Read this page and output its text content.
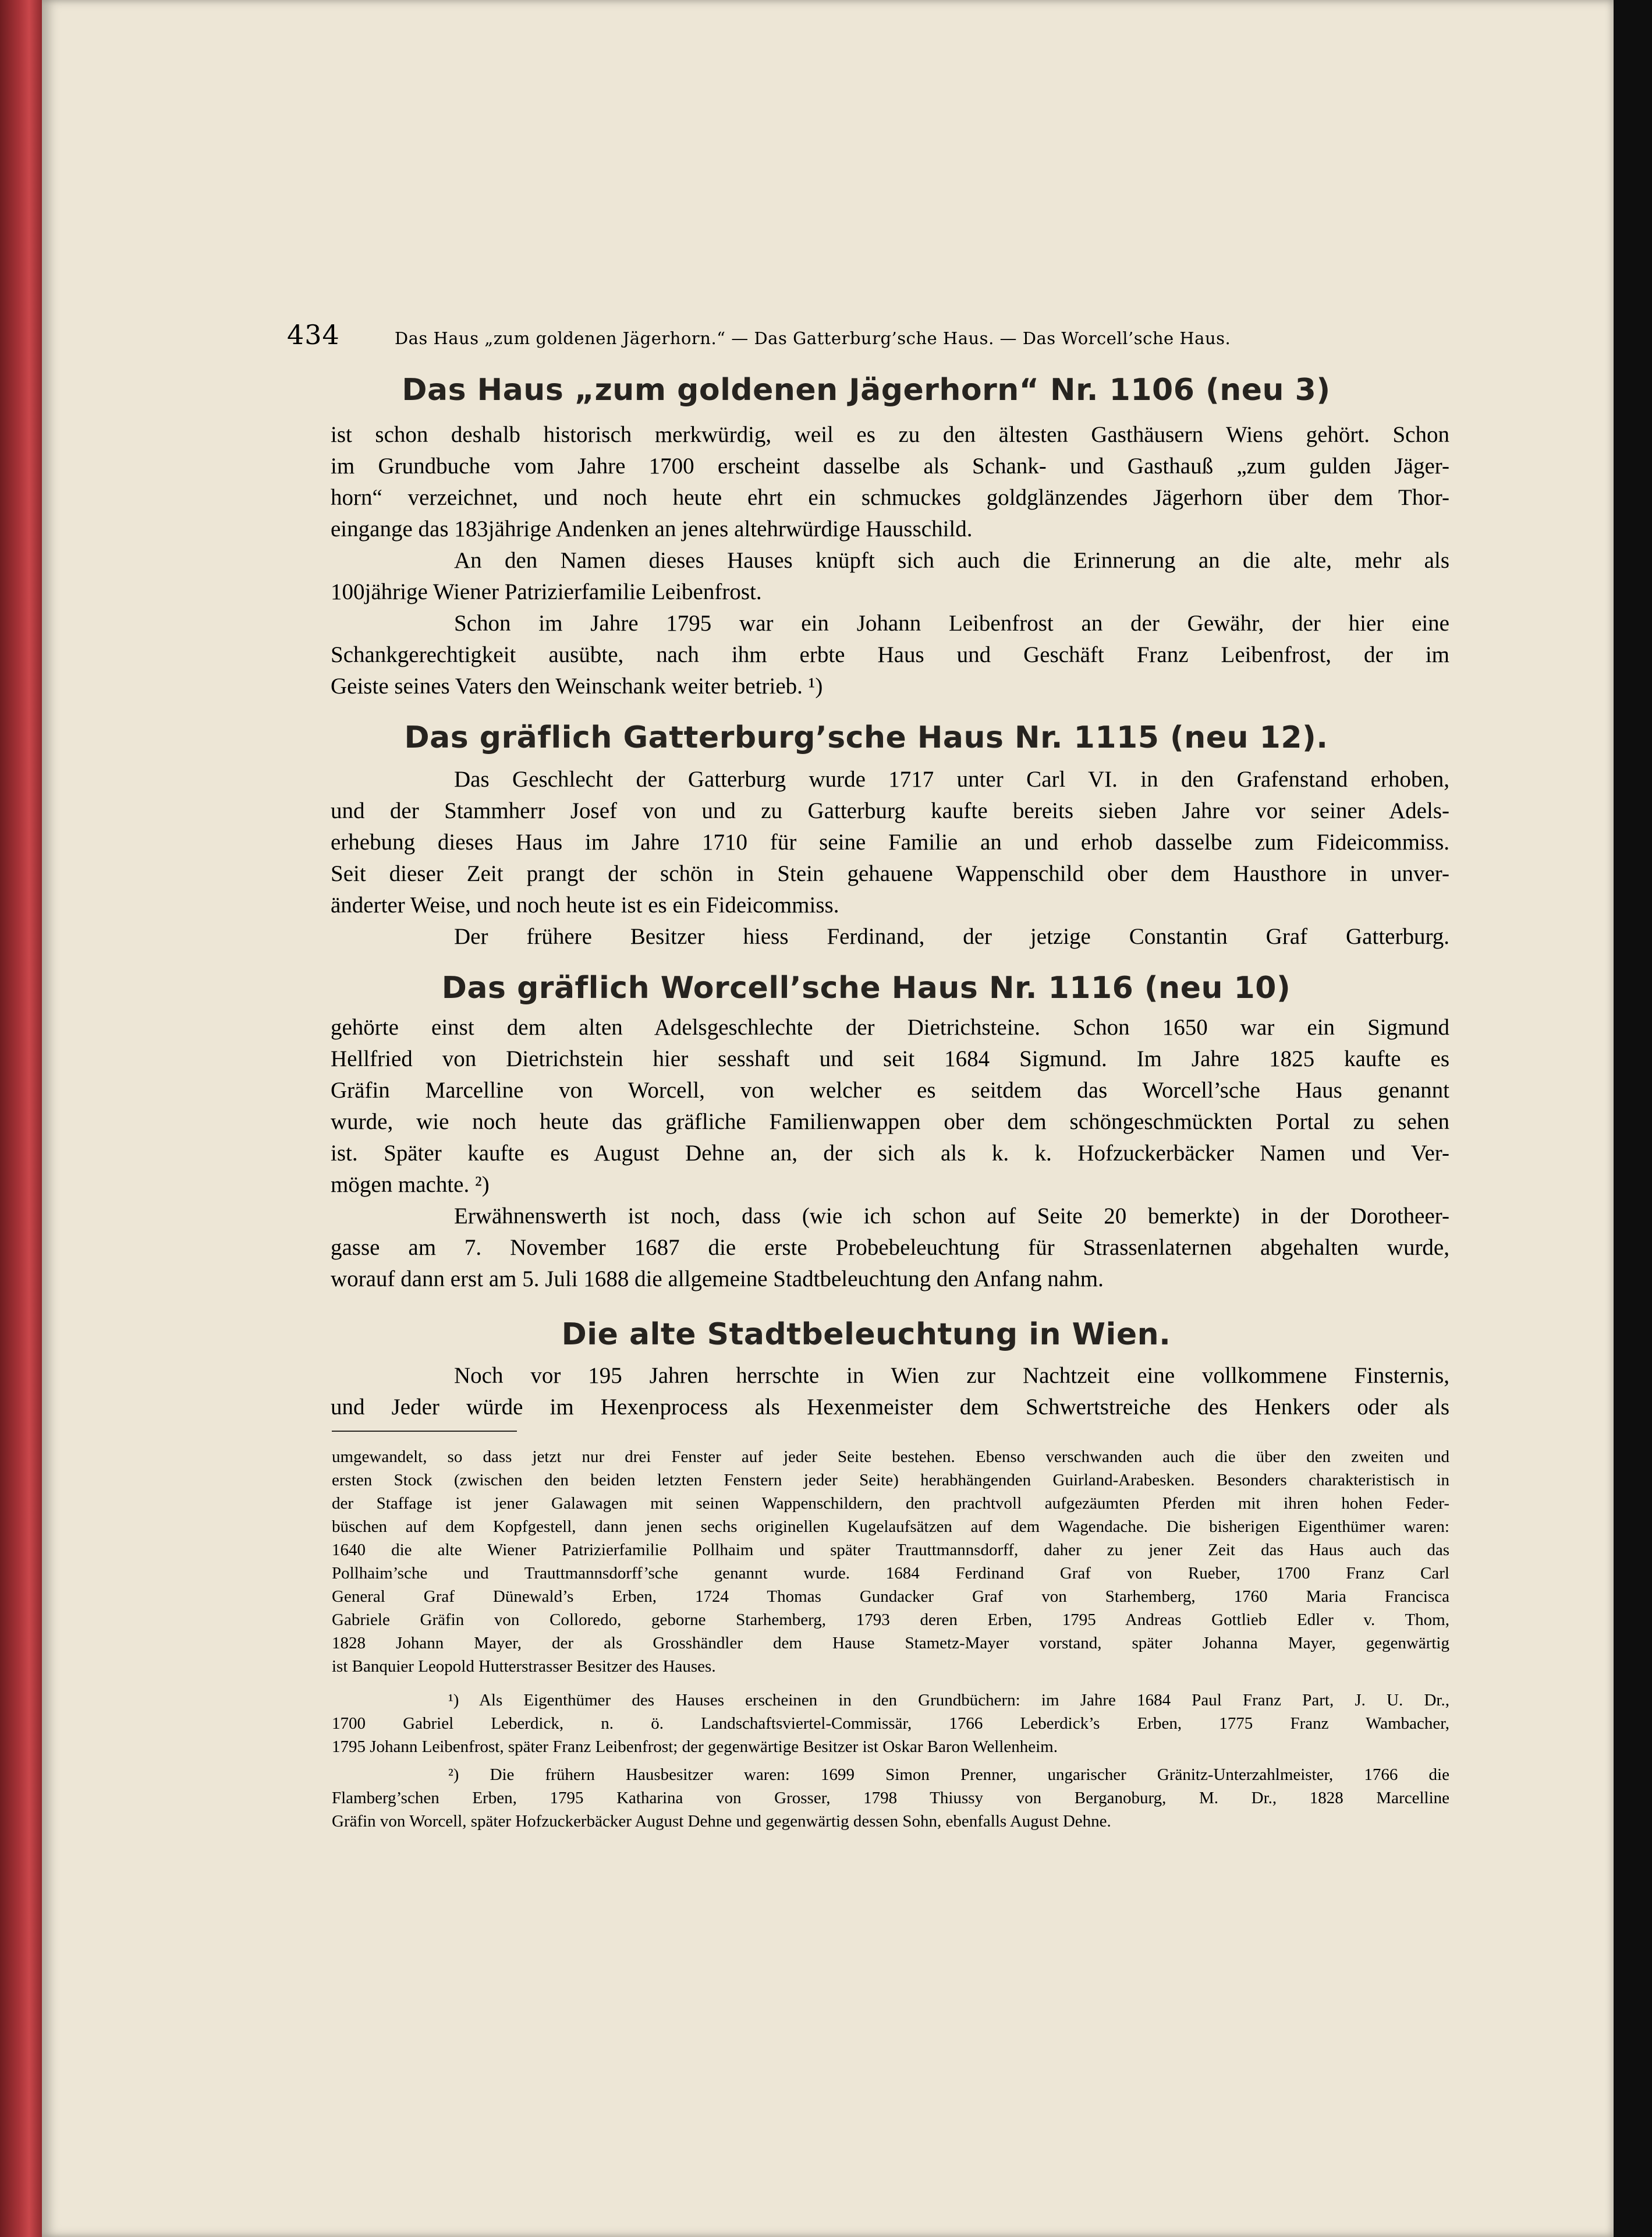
434	Das Haus „zum goldenen Jägerhorn.“ — Das Gatterburg’sche Haus. — Das Worcell’sche Haus.
Das Haus „zum goldenen Jägerhorn“ Nr. 1106 (neu 3)
ist schon deshalb historisch merkwürdig, weil es zu den ältesten Gasthäusern Wiens gehört. Schon
im Grundbuche vom Jahre 1700 erscheint dasselbe als Schank- und Gasthauß „zum gulden Jäger-
horn“ verzeichnet, und noch heute ehrt ein schmuckes goldglänzendes Jägerhorn über dem Thor-
eingange das 183jährige Andenken an jenes altehrwürdige Hausschild.
An den Namen dieses Hauses knüpft sich auch die Erinnerung an die alte, mehr als
100jährige Wiener Patrizierfamilie Leibenfrost.
Schon im Jahre 1795 war ein Johann Leibenfrost an der Gewähr, der hier eine
Schankgerechtigkeit ausübte, nach ihm erbte Haus und Geschäft Franz Leibenfrost, der im
Geiste seines Vaters den Weinschank weiter betrieb. ¹)
Das gräflich Gatterburg’sche Haus Nr. 1115 (neu 12).
Das Geschlecht der Gatterburg wurde 1717 unter Carl VI. in den Grafenstand erhoben,
und der Stammherr Josef von und zu Gatterburg kaufte bereits sieben Jahre vor seiner Adels-
erhebung dieses Haus im Jahre 1710 für seine Familie an und erhob dasselbe zum Fideicommiss.
Seit dieser Zeit prangt der schön in Stein gehauene Wappenschild ober dem Hausthore in unver-
änderter Weise, und noch heute ist es ein Fideicommiss.
Der frühere Besitzer hiess Ferdinand, der jetzige Constantin Graf Gatterburg.
Das gräflich Worcell’sche Haus Nr. 1116 (neu 10)
gehörte einst dem alten Adelsgeschlechte der Dietrichsteine. Schon 1650 war ein Sigmund
Hellfried von Dietrichstein hier sesshaft und seit 1684 Sigmund. Im Jahre 1825 kaufte es
Gräfin Marcelline von Worcell, von welcher es seitdem das Worcell’sche Haus genannt
wurde, wie noch heute das gräfliche Familienwappen ober dem schöngeschmückten Portal zu sehen
ist. Später kaufte es August Dehne an, der sich als k. k. Hofzuckerbäcker Namen und Ver-
mögen machte. ²)
Erwähnenswerth ist noch, dass (wie ich schon auf Seite 20 bemerkte) in der Dorotheer-
gasse am 7. November 1687 die erste Probebeleuchtung für Strassenlaternen abgehalten wurde,
worauf dann erst am 5. Juli 1688 die allgemeine Stadtbeleuchtung den Anfang nahm.
Die alte Stadtbeleuchtung in Wien.
Noch vor 195 Jahren herrschte in Wien zur Nachtzeit eine vollkommene Finsternis,
und Jeder würde im Hexenprocess als Hexenmeister dem Schwertstreiche des Henkers oder als
umgewandelt, so dass jetzt nur drei Fenster auf jeder Seite bestehen. Ebenso verschwanden auch die über den zweiten und
ersten Stock (zwischen den beiden letzten Fenstern jeder Seite) herabhängenden Guirland-Arabesken. Besonders charakteristisch in
der Staffage ist jener Galawagen mit seinen Wappenschildern, den prachtvoll aufgezäumten Pferden mit ihren hohen Feder-
büschen auf dem Kopfgestell, dann jenen sechs originellen Kugelaufsätzen auf dem Wagendache. Die bisherigen Eigenthümer waren:
1640 die alte Wiener Patrizierfamilie Pollhaim und später Trauttmannsdorff, daher zu jener Zeit das Haus auch das
Pollhaim’sche und Trauttmannsdorff’sche genannt wurde. 1684 Ferdinand Graf von Rueber, 1700 Franz Carl
General Graf Dünewald’s Erben, 1724 Thomas Gundacker Graf von Starhemberg, 1760 Maria Francisca
Gabriele Gräfin von Colloredo, geborne Starhemberg, 1793 deren Erben, 1795 Andreas Gottlieb Edler v. Thom,
1828 Johann Mayer, der als Grosshändler dem Hause Stametz-Mayer vorstand, später Johanna Mayer, gegenwärtig
ist Banquier Leopold Hutterstrasser Besitzer des Hauses.
¹) Als Eigenthümer des Hauses erscheinen in den Grundbüchern: im Jahre 1684 Paul Franz Part, J. U. Dr.,
1700 Gabriel Leberdick, n. ö. Landschaftsviertel-Commissär, 1766 Leberdick’s Erben, 1775 Franz Wambacher,
1795 Johann Leibenfrost, später Franz Leibenfrost; der gegenwärtige Besitzer ist Oskar Baron Wellenheim.
²) Die frühern Hausbesitzer waren: 1699 Simon Prenner, ungarischer Gränitz-Unterzahlmeister, 1766 die
Flamberg’schen Erben, 1795 Katharina von Grosser, 1798 Thiussy von Berganoburg, M. Dr., 1828 Marcelline
Gräfin von Worcell, später Hofzuckerbäcker August Dehne und gegenwärtig dessen Sohn, ebenfalls August Dehne.
